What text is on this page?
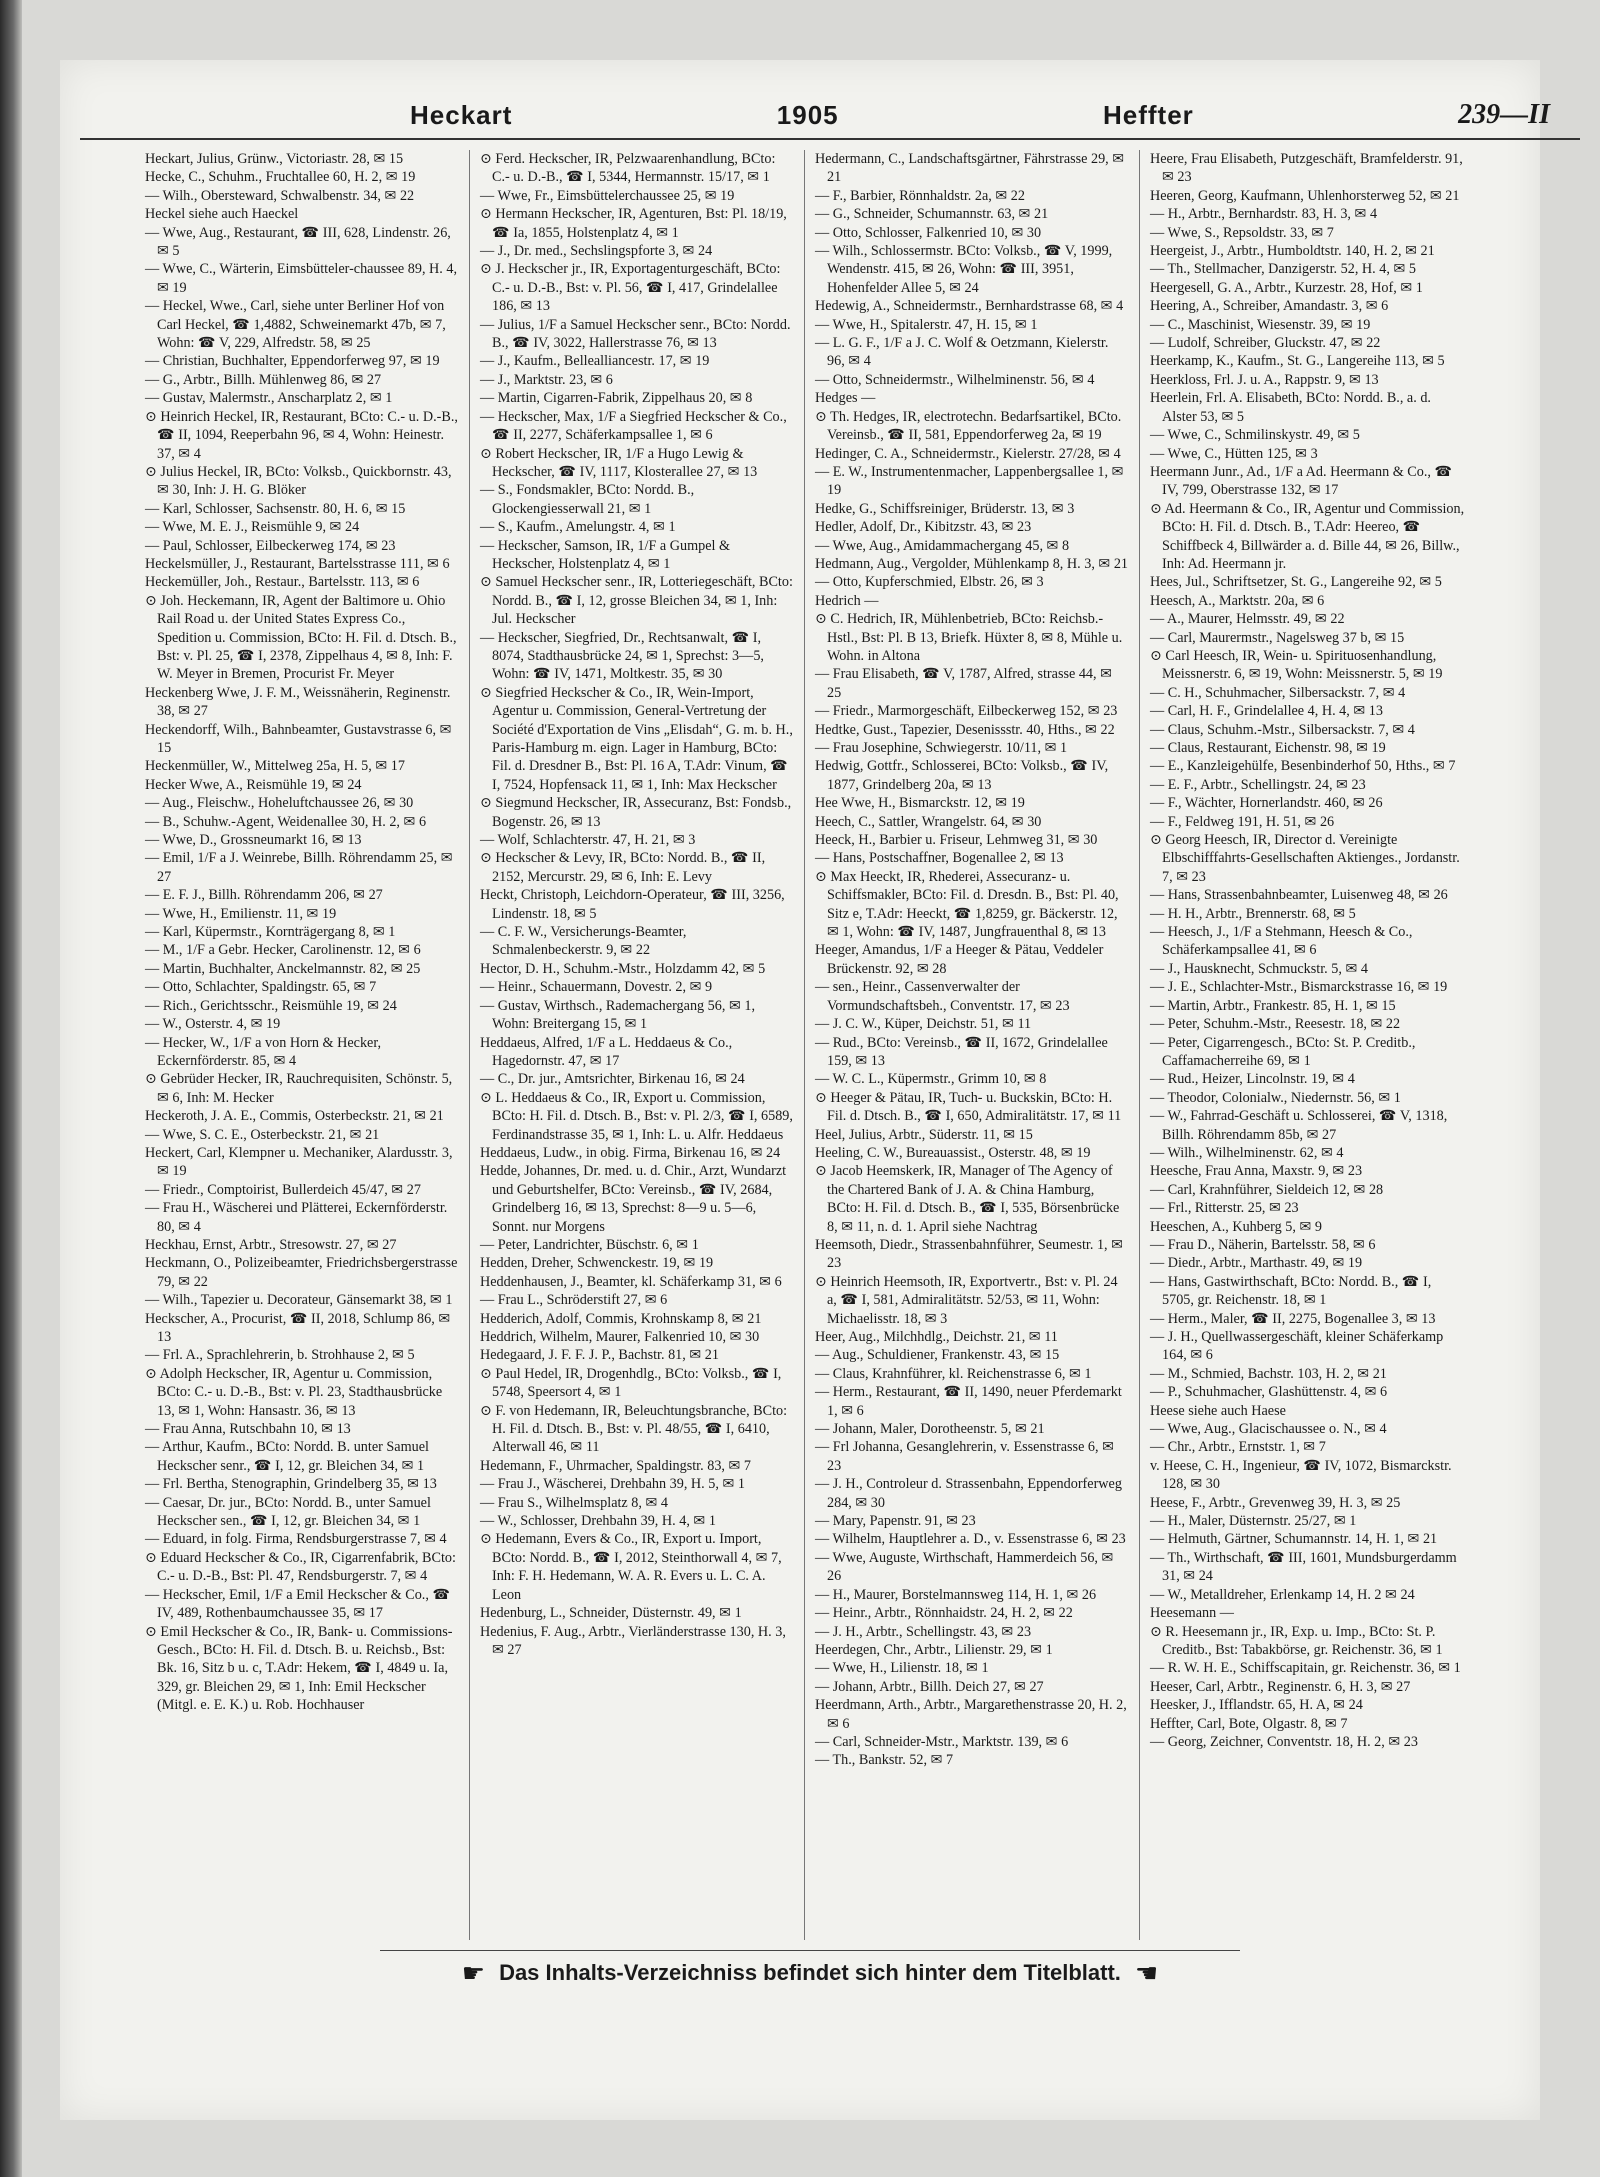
Heckart	1905	Heffter	239—II

Heckart, Julius, Grünw., Victoriastr. 28, ✉ 15

Hecke, C., Schuhm., Fruchtallee 60, H. 2, ✉ 19

— Wilh., Obersteward, Schwalbenstr. 34, ✉ 22

Heckel siehe auch Haeckel

— Wwe, Aug., Restaurant, ☎ III, 628, Lindenstr. 26, ✉ 5

— Wwe, C., Wärterin, Eimsbütteler-chaussee 89, H. 4, ✉ 19

— Heckel, Wwe., Carl, siehe unter Berliner Hof von Carl Heckel, ☎ 1,4882, Schweinemarkt 47b, ✉ 7, Wohn: ☎ V, 229, Alfredstr. 58, ✉ 25

— Christian, Buchhalter, Eppendorferweg 97, ✉ 19

— G., Arbtr., Billh. Mühlenweg 86, ✉ 27

— Gustav, Malermstr., Anscharplatz 2, ✉ 1

⊙ Heinrich Heckel, IR, Restaurant, BCto: C.- u. D.-B., ☎ II, 1094, Reeperbahn 96, ✉ 4, Wohn: Heinestr. 37, ✉ 4

⊙ Julius Heckel, IR, BCto: Volksb., Quickbornstr. 43, ✉ 30, Inh: J. H. G. Blöker

— Karl, Schlosser, Sachsenstr. 80, H. 6, ✉ 15

— Wwe, M. E. J., Reismühle 9, ✉ 24

— Paul, Schlosser, Eilbeckerweg 174, ✉ 23

Heckelsmüller, J., Restaurant, Bartelsstrasse 111, ✉ 6

Heckemüller, Joh., Restaur., Bartelsstr. 113, ✉ 6

⊙ Joh. Heckemann, IR, Agent der Baltimore u. Ohio Rail Road u. der United States Express Co., Spedition u. Commission, BCto: H. Fil. d. Dtsch. B., Bst: v. Pl. 25, ☎ I, 2378, Zippelhaus 4, ✉ 8, Inh: F. W. Meyer in Bremen, Procurist Fr. Meyer

Heckenberg Wwe, J. F. M., Weissnäherin, Reginenstr. 38, ✉ 27

Heckendorff, Wilh., Bahnbeamter, Gustavstrasse 6, ✉ 15

Heckenmüller, W., Mittelweg 25a, H. 5, ✉ 17

Hecker Wwe, A., Reismühle 19, ✉ 24

— Aug., Fleischw., Hoheluftchaussee 26, ✉ 30

— B., Schuhw.-Agent, Weidenallee 30, H. 2, ✉ 6

— Wwe, D., Grossneumarkt 16, ✉ 13

— Emil, 1/F a J. Weinrebe, Billh. Röhrendamm 25, ✉ 27

— E. F. J., Billh. Röhrendamm 206, ✉ 27

— Wwe, H., Emilienstr. 11, ✉ 19

— Karl, Küpermstr., Kornträgergang 8, ✉ 1

— M., 1/F a Gebr. Hecker, Carolinenstr. 12, ✉ 6

— Martin, Buchhalter, Anckelmannstr. 82, ✉ 25

— Otto, Schlachter, Spaldingstr. 65, ✉ 7

— Rich., Gerichtsschr., Reismühle 19, ✉ 24

— W., Osterstr. 4, ✉ 19

— Hecker, W., 1/F a von Horn & Hecker, Eckernförderstr. 85, ✉ 4

⊙ Gebrüder Hecker, IR, Rauchrequisiten, Schönstr. 5, ✉ 6, Inh: M. Hecker

Heckeroth, J. A. E., Commis, Osterbeckstr. 21, ✉ 21

— Wwe, S. C. E., Osterbeckstr. 21, ✉ 21

Heckert, Carl, Klempner u. Mechaniker, Alardusstr. 3, ✉ 19

— Friedr., Comptoirist, Bullerdeich 45/47, ✉ 27

— Frau H., Wäscherei und Plätterei, Eckernförderstr. 80, ✉ 4

Heckhau, Ernst, Arbtr., Stresowstr. 27, ✉ 27

Heckmann, O., Polizeibeamter, Friedrichsbergerstrasse 79, ✉ 22

— Wilh., Tapezier u. Decorateur, Gänsemarkt 38, ✉ 1

Heckscher, A., Procurist, ☎ II, 2018, Schlump 86, ✉ 13

— Frl. A., Sprachlehrerin, b. Strohhause 2, ✉ 5

⊙ Adolph Heckscher, IR, Agentur u. Commission, BCto: C.- u. D.-B., Bst: v. Pl. 23, Stadthausbrücke 13, ✉ 1, Wohn: Hansastr. 36, ✉ 13

— Frau Anna, Rutschbahn 10, ✉ 13

— Arthur, Kaufm., BCto: Nordd. B. unter Samuel Heckscher senr., ☎ I, 12, gr. Bleichen 34, ✉ 1

— Frl. Bertha, Stenographin, Grindelberg 35, ✉ 13

— Caesar, Dr. jur., BCto: Nordd. B., unter Samuel Heckscher sen., ☎ I, 12, gr. Bleichen 34, ✉ 1

— Eduard, in folg. Firma, Rendsburgerstrasse 7, ✉ 4

⊙ Eduard Heckscher & Co., IR, Cigarrenfabrik, BCto: C.- u. D.-B., Bst: Pl. 47, Rendsburgerstr. 7, ✉ 4

— Heckscher, Emil, 1/F a Emil Heckscher & Co., ☎ IV, 489, Rothenbaumchaussee 35, ✉ 17

⊙ Emil Heckscher & Co., IR, Bank- u. Commissions-Gesch., BCto: H. Fil. d. Dtsch. B. u. Reichsb., Bst: Bk. 16, Sitz b u. c, T.Adr: Hekem, ☎ I, 4849 u. Ia, 329, gr. Bleichen 29, ✉ 1, Inh: Emil Heckscher (Mitgl. e. E. K.) u. Rob. Hochhauser

⊙ Ferd. Heckscher, IR, Pelzwaarenhandlung, BCto: C.- u. D.-B., ☎ I, 5344, Hermannstr. 15/17, ✉ 1

— Wwe, Fr., Eimsbüttelerchaussee 25, ✉ 19

⊙ Hermann Heckscher, IR, Agenturen, Bst: Pl. 18/19, ☎ Ia, 1855, Holstenplatz 4, ✉ 1

— J., Dr. med., Sechslingspforte 3, ✉ 24

⊙ J. Heckscher jr., IR, Exportagenturgeschäft, BCto: C.- u. D.-B., Bst: v. Pl. 56, ☎ I, 417, Grindelallee 186, ✉ 13

— Julius, 1/F a Samuel Heckscher senr., BCto: Nordd. B., ☎ IV, 3022, Hallerstrasse 76, ✉ 13

— J., Kaufm., Bellealliancestr. 17, ✉ 19

— J., Marktstr. 23, ✉ 6

— Martin, Cigarren-Fabrik, Zippelhaus 20, ✉ 8

— Heckscher, Max, 1/F a Siegfried Heckscher & Co., ☎ II, 2277, Schäferkampsallee 1, ✉ 6

⊙ Robert Heckscher, IR, 1/F a Hugo Lewig & Heckscher, ☎ IV, 1117, Klosterallee 27, ✉ 13

— S., Fondsmakler, BCto: Nordd. B., Glockengiesserwall 21, ✉ 1

— S., Kaufm., Amelungstr. 4, ✉ 1

— Heckscher, Samson, IR, 1/F a Gumpel & Heckscher, Holstenplatz 4, ✉ 1

⊙ Samuel Heckscher senr., IR, Lotteriegeschäft, BCto: Nordd. B., ☎ I, 12, grosse Bleichen 34, ✉ 1, Inh: Jul. Heckscher

— Heckscher, Siegfried, Dr., Rechtsanwalt, ☎ I, 8074, Stadthausbrücke 24, ✉ 1, Sprechst: 3—5, Wohn: ☎ IV, 1471, Moltkestr. 35, ✉ 30

⊙ Siegfried Heckscher & Co., IR, Wein-Import, Agentur u. Commission, General-Vertretung der Société d'Exportation de Vins „Elisdah“, G. m. b. H., Paris-Hamburg m. eign. Lager in Hamburg, BCto: Fil. d. Dresdner B., Bst: Pl. 16 A, T.Adr: Vinum, ☎ I, 7524, Hopfensack 11, ✉ 1, Inh: Max Heckscher

⊙ Siegmund Heckscher, IR, Assecuranz, Bst: Fondsb., Bogenstr. 26, ✉ 13

— Wolf, Schlachterstr. 47, H. 21, ✉ 3

⊙ Heckscher & Levy, IR, BCto: Nordd. B., ☎ II, 2152, Mercurstr. 29, ✉ 6, Inh: E. Levy

Heckt, Christoph, Leichdorn-Operateur, ☎ III, 3256, Lindenstr. 18, ✉ 5

— C. F. W., Versicherungs-Beamter, Schmalenbeckerstr. 9, ✉ 22

Hector, D. H., Schuhm.-Mstr., Holzdamm 42, ✉ 5

— Heinr., Schauermann, Dovestr. 2, ✉ 9

— Gustav, Wirthsch., Rademachergang 56, ✉ 1, Wohn: Breitergang 15, ✉ 1

Heddaeus, Alfred, 1/F a L. Heddaeus & Co., Hagedornstr. 47, ✉ 17

— C., Dr. jur., Amtsrichter, Birkenau 16, ✉ 24

⊙ L. Heddaeus & Co., IR, Export u. Commission, BCto: H. Fil. d. Dtsch. B., Bst: v. Pl. 2/3, ☎ I, 6589, Ferdinandstrasse 35, ✉ 1, Inh: L. u. Alfr. Heddaeus

Heddaeus, Ludw., in obig. Firma, Birkenau 16, ✉ 24

Hedde, Johannes, Dr. med. u. d. Chir., Arzt, Wundarzt und Geburtshelfer, BCto: Vereinsb., ☎ IV, 2684, Grindelberg 16, ✉ 13, Sprechst: 8—9 u. 5—6, Sonnt. nur Morgens

— Peter, Landrichter, Büschstr. 6, ✉ 1

Hedden, Dreher, Schwenckestr. 19, ✉ 19

Heddenhausen, J., Beamter, kl. Schäferkamp 31, ✉ 6

— Frau L., Schröderstift 27, ✉ 6

Hedderich, Adolf, Commis, Krohnskamp 8, ✉ 21

Heddrich, Wilhelm, Maurer, Falkenried 10, ✉ 30

Hedegaard, J. F. F. J. P., Bachstr. 81, ✉ 21

⊙ Paul Hedel, IR, Drogenhdlg., BCto: Volksb., ☎ I, 5748, Speersort 4, ✉ 1

⊙ F. von Hedemann, IR, Beleuchtungsbranche, BCto: H. Fil. d. Dtsch. B., Bst: v. Pl. 48/55, ☎ I, 6410, Alterwall 46, ✉ 11

Hedemann, F., Uhrmacher, Spaldingstr. 83, ✉ 7

— Frau J., Wäscherei, Drehbahn 39, H. 5, ✉ 1

— Frau S., Wilhelmsplatz 8, ✉ 4

— W., Schlosser, Drehbahn 39, H. 4, ✉ 1

⊙ Hedemann, Evers & Co., IR, Export u. Import, BCto: Nordd. B., ☎ I, 2012, Steinthorwall 4, ✉ 7, Inh: F. H. Hedemann, W. A. R. Evers u. L. C. A. Leon

Hedenburg, L., Schneider, Düsternstr. 49, ✉ 1

Hedenius, F. Aug., Arbtr., Vierländerstrasse 130, H. 3, ✉ 27

Hedermann, C., Landschaftsgärtner, Fährstrasse 29, ✉ 21

— F., Barbier, Rönnhaldstr. 2a, ✉ 22

— G., Schneider, Schumannstr. 63, ✉ 21

— Otto, Schlosser, Falkenried 10, ✉ 30

— Wilh., Schlossermstr. BCto: Volksb., ☎ V, 1999, Wendenstr. 415, ✉ 26, Wohn: ☎ III, 3951, Hohenfelder Allee 5, ✉ 24

Hedewig, A., Schneidermstr., Bernhardstrasse 68, ✉ 4

— Wwe, H., Spitalerstr. 47, H. 15, ✉ 1

— L. G. F., 1/F a J. C. Wolf & Oetzmann, Kielerstr. 96, ✉ 4

— Otto, Schneidermstr., Wilhelminenstr. 56, ✉ 4

Hedges —

⊙ Th. Hedges, IR, electrotechn. Bedarfsartikel, BCto. Vereinsb., ☎ II, 581, Eppendorferweg 2a, ✉ 19

Hedinger, C. A., Schneidermstr., Kielerstr. 27/28, ✉ 4

— E. W., Instrumentenmacher, Lappenbergsallee 1, ✉ 19

Hedke, G., Schiffsreiniger, Brüderstr. 13, ✉ 3

Hedler, Adolf, Dr., Kibitzstr. 43, ✉ 23

— Wwe, Aug., Amidammachergang 45, ✉ 8

Hedmann, Aug., Vergolder, Mühlenkamp 8, H. 3, ✉ 21

— Otto, Kupferschmied, Elbstr. 26, ✉ 3

Hedrich —

⊙ C. Hedrich, IR, Mühlenbetrieb, BCto: Reichsb.-Hstl., Bst: Pl. B 13, Briefk. Hüxter 8, ✉ 8, Mühle u. Wohn. in Altona

— Frau Elisabeth, ☎ V, 1787, Alfred, strasse 44, ✉ 25

— Friedr., Marmorgeschäft, Eilbeckerweg 152, ✉ 23

Hedtke, Gust., Tapezier, Desenissstr. 40, Hths., ✉ 22

— Frau Josephine, Schwiegerstr. 10/11, ✉ 1

Hedwig, Gottfr., Schlosserei, BCto: Volksb., ☎ IV, 1877, Grindelberg 20a, ✉ 13

Hee Wwe, H., Bismarckstr. 12, ✉ 19

Heech, C., Sattler, Wrangelstr. 64, ✉ 30

Heeck, H., Barbier u. Friseur, Lehmweg 31, ✉ 30

— Hans, Postschaffner, Bogenallee 2, ✉ 13

⊙ Max Heeckt, IR, Rhederei, Assecuranz- u. Schiffsmakler, BCto: Fil. d. Dresdn. B., Bst: Pl. 40, Sitz e, T.Adr: Heeckt, ☎ 1,8259, gr. Bäckerstr. 12, ✉ 1, Wohn: ☎ IV, 1487, Jungfrauenthal 8, ✉ 13

Heeger, Amandus, 1/F a Heeger & Pätau, Veddeler Brückenstr. 92, ✉ 28

— sen., Heinr., Cassenverwalter der Vormundschaftsbeh., Conventstr. 17, ✉ 23

— J. C. W., Küper, Deichstr. 51, ✉ 11

— Rud., BCto: Vereinsb., ☎ II, 1672, Grindelallee 159, ✉ 13

— W. C. L., Küpermstr., Grimm 10, ✉ 8

⊙ Heeger & Pätau, IR, Tuch- u. Buckskin, BCto: H. Fil. d. Dtsch. B., ☎ I, 650, Admiralitätstr. 17, ✉ 11

Heel, Julius, Arbtr., Süderstr. 11, ✉ 15

Heeling, C. W., Bureauassist., Osterstr. 48, ✉ 19

⊙ Jacob Heemskerk, IR, Manager of The Agency of the Chartered Bank of J. A. & China Hamburg, BCto: H. Fil. d. Dtsch. B., ☎ I, 535, Börsenbrücke 8, ✉ 11, n. d. 1. April siehe Nachtrag

Heemsoth, Diedr., Strassenbahnführer, Seumestr. 1, ✉ 23

⊙ Heinrich Heemsoth, IR, Exportvertr., Bst: v. Pl. 24 a, ☎ I, 581, Admiralitätstr. 52/53, ✉ 11, Wohn: Michaelisstr. 18, ✉ 3

Heer, Aug., Milchhdlg., Deichstr. 21, ✉ 11

— Aug., Schuldiener, Frankenstr. 43, ✉ 15

— Claus, Krahnführer, kl. Reichenstrasse 6, ✉ 1

— Herm., Restaurant, ☎ II, 1490, neuer Pferdemarkt 1, ✉ 6

— Johann, Maler, Dorotheenstr. 5, ✉ 21

— Frl Johanna, Gesanglehrerin, v. Essenstrasse 6, ✉ 23

— J. H., Controleur d. Strassenbahn, Eppendorferweg 284, ✉ 30

— Mary, Papenstr. 91, ✉ 23

— Wilhelm, Hauptlehrer a. D., v. Essenstrasse 6, ✉ 23

— Wwe, Auguste, Wirthschaft, Hammerdeich 56, ✉ 26

— H., Maurer, Borstelmannsweg 114, H. 1, ✉ 26

— Heinr., Arbtr., Rönnhaidstr. 24, H. 2, ✉ 22

— J. H., Arbtr., Schellingstr. 43, ✉ 23

Heerdegen, Chr., Arbtr., Lilienstr. 29, ✉ 1

— Wwe, H., Lilienstr. 18, ✉ 1

— Johann, Arbtr., Billh. Deich 27, ✉ 27

Heerdmann, Arth., Arbtr., Margarethenstrasse 20, H. 2, ✉ 6

— Carl, Schneider-Mstr., Marktstr. 139, ✉ 6

— Th., Bankstr. 52, ✉ 7

Heere, Frau Elisabeth, Putzgeschäft, Bramfelderstr. 91, ✉ 23

Heeren, Georg, Kaufmann, Uhlenhorsterweg 52, ✉ 21

— H., Arbtr., Bernhardstr. 83, H. 3, ✉ 4

— Wwe, S., Repsoldstr. 33, ✉ 7

Heergeist, J., Arbtr., Humboldtstr. 140, H. 2, ✉ 21

— Th., Stellmacher, Danzigerstr. 52, H. 4, ✉ 5

Heergesell, G. A., Arbtr., Kurzestr. 28, Hof, ✉ 1

Heering, A., Schreiber, Amandastr. 3, ✉ 6

— C., Maschinist, Wiesenstr. 39, ✉ 19

— Ludolf, Schreiber, Gluckstr. 47, ✉ 22

Heerkamp, K., Kaufm., St. G., Langereihe 113, ✉ 5

Heerkloss, Frl. J. u. A., Rappstr. 9, ✉ 13

Heerlein, Frl. A. Elisabeth, BCto: Nordd. B., a. d. Alster 53, ✉ 5

— Wwe, C., Schmilinskystr. 49, ✉ 5

— Wwe, C., Hütten 125, ✉ 3

Heermann Junr., Ad., 1/F a Ad. Heermann & Co., ☎ IV, 799, Oberstrasse 132, ✉ 17

⊙ Ad. Heermann & Co., IR, Agentur und Commission, BCto: H. Fil. d. Dtsch. B., T.Adr: Heereo, ☎ Schiffbeck 4, Billwärder a. d. Bille 44, ✉ 26, Billw., Inh: Ad. Heermann jr.

Hees, Jul., Schriftsetzer, St. G., Langereihe 92, ✉ 5

Heesch, A., Marktstr. 20a, ✉ 6

— A., Maurer, Helmsstr. 49, ✉ 22

— Carl, Maurermstr., Nagelsweg 37 b, ✉ 15

⊙ Carl Heesch, IR, Wein- u. Spirituosenhandlung, Meissnerstr. 6, ✉ 19, Wohn: Meissnerstr. 5, ✉ 19

— C. H., Schuhmacher, Silbersackstr. 7, ✉ 4

— Carl, H. F., Grindelallee 4, H. 4, ✉ 13

— Claus, Schuhm.-Mstr., Silbersackstr. 7, ✉ 4

— Claus, Restaurant, Eichenstr. 98, ✉ 19

— E., Kanzleigehülfe, Besenbinderhof 50, Hths., ✉ 7

— E. F., Arbtr., Schellingstr. 24, ✉ 23

— F., Wächter, Hornerlandstr. 460, ✉ 26

— F., Feldweg 191, H. 51, ✉ 26

⊙ Georg Heesch, IR, Director d. Vereinigte Elbschifffahrts-Gesellschaften Aktienges., Jordanstr. 7, ✉ 23

— Hans, Strassenbahnbeamter, Luisenweg 48, ✉ 26

— H. H., Arbtr., Brennerstr. 68, ✉ 5

— Heesch, J., 1/F a Stehmann, Heesch & Co., Schäferkampsallee 41, ✉ 6

— J., Hausknecht, Schmuckstr. 5, ✉ 4

— J. E., Schlachter-Mstr., Bismarckstrasse 16, ✉ 19

— Martin, Arbtr., Frankestr. 85, H. 1, ✉ 15

— Peter, Schuhm.-Mstr., Reesestr. 18, ✉ 22

— Peter, Cigarrengesch., BCto: St. P. Creditb., Caffamacherreihe 69, ✉ 1

— Rud., Heizer, Lincolnstr. 19, ✉ 4

— Theodor, Colonialw., Niedernstr. 56, ✉ 1

— W., Fahrrad-Geschäft u. Schlosserei, ☎ V, 1318, Billh. Röhrendamm 85b, ✉ 27

— Wilh., Wilhelminenstr. 62, ✉ 4

Heesche, Frau Anna, Maxstr. 9, ✉ 23

— Carl, Krahnführer, Sieldeich 12, ✉ 28

— Frl., Ritterstr. 25, ✉ 23

Heeschen, A., Kuhberg 5, ✉ 9

— Frau D., Näherin, Bartelsstr. 58, ✉ 6

— Diedr., Arbtr., Marthastr. 49, ✉ 19

— Hans, Gastwirthschaft, BCto: Nordd. B., ☎ I, 5705, gr. Reichenstr. 18, ✉ 1

— Herm., Maler, ☎ II, 2275, Bogenallee 3, ✉ 13

— J. H., Quellwassergeschäft, kleiner Schäferkamp 164, ✉ 6

— M., Schmied, Bachstr. 103, H. 2, ✉ 21

— P., Schuhmacher, Glashüttenstr. 4, ✉ 6

Heese siehe auch Haese

— Wwe, Aug., Glacischaussee o. N., ✉ 4

— Chr., Arbtr., Ernststr. 1, ✉ 7

v. Heese, C. H., Ingenieur, ☎ IV, 1072, Bismarckstr. 128, ✉ 30

Heese, F., Arbtr., Grevenweg 39, H. 3, ✉ 25

— H., Maler, Düsternstr. 25/27, ✉ 1

— Helmuth, Gärtner, Schumannstr. 14, H. 1, ✉ 21

— Th., Wirthschaft, ☎ III, 1601, Mundsburgerdamm 31, ✉ 24

— W., Metalldreher, Erlenkamp 14, H. 2 ✉ 24

Heesemann —

⊙ R. Heesemann jr., IR, Exp. u. Imp., BCto: St. P. Creditb., Bst: Tabakbörse, gr. Reichenstr. 36, ✉ 1

— R. W. H. E., Schiffscapitain, gr. Reichenstr. 36, ✉ 1

Heeser, Carl, Arbtr., Reginenstr. 6, H. 3, ✉ 27

Heesker, J., Ifflandstr. 65, H. A, ✉ 24

Heffter, Carl, Bote, Olgastr. 8, ✉ 7

— Georg, Zeichner, Conventstr. 18, H. 2, ✉ 23

☛ Das Inhalts-Verzeichniss befindet sich hinter dem Titelblatt. ☚
